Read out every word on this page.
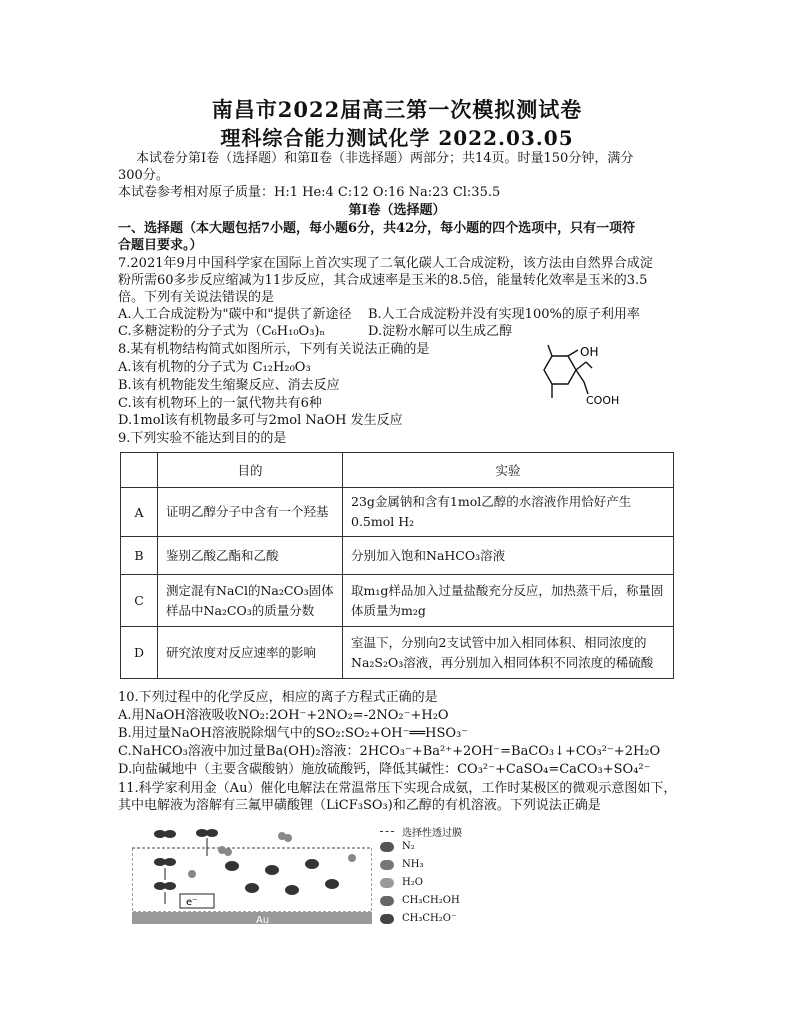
南昌市2022届高三第一次模拟测试卷
理科综合能力测试化学 2022.03.05
本试卷分第Ⅰ卷（选择题）和第Ⅱ卷（非选择题）两部分；共14页。时量150分钟，满分
300分。
本试卷参考相对原子质量：H:1 He:4 C:12 O:16 Na:23 Cl:35.5
第Ⅰ卷（选择题）
一、选择题（本大题包括7小题，每小题6分，共42分，每小题的四个选项中，只有一项符
合题目要求。）
7.2021年9月中国科学家在国际上首次实现了二氧化碳人工合成淀粉，该方法由自然界合成淀
粉所需60多步反应缩减为11步反应，其合成速率是玉米的8.5倍，能量转化效率是玉米的3.5
倍。下列有关说法错误的是
A.人工合成淀粉为"碳中和"提供了新途径 B.人工合成淀粉并没有实现100%的原子利用率
C.多糖淀粉的分子式为（C₆H₁₀O₃)ₙ	D.淀粉水解可以生成乙醇
8.某有机物结构简式如图所示，下列有关说法正确的是
A.该有机物的分子式为 C₁₂H₂₀O₃
B.该有机物能发生缩聚反应、消去反应
C.该有机物环上的一氯代物共有6种
D.1mol该有机物最多可与2mol NaOH 发生反应
OH
COOH
9.下列实验不能达到目的的是
	目的	实验
A	证明乙醇分子中含有一个羟基	23g金属钠和含有1mol乙醇的水溶液作用恰好产生0.5mol H₂
B	鉴别乙酸乙酯和乙酸	分别加入饱和NaHCO₃溶液
C	测定混有NaCl的Na₂CO₃固体样品中Na₂CO₃的质量分数	取m₁g样品加入过量盐酸充分反应，加热蒸干后，称量固体质量为m₂g
D	研究浓度对反应速率的影响	室温下，分别向2支试管中加入相同体积、相同浓度的Na₂S₂O₃溶液，再分别加入相同体积不同浓度的稀硫酸
10.下列过程中的化学反应，相应的离子方程式正确的是
A.用NaOH溶液吸收NO₂:2OH⁻+2NO₂=-2NO₂⁻+H₂O
B.用过量NaOH溶液脱除烟气中的SO₂:SO₂+OH⁻══HSO₃⁻
C.NaHCO₃溶液中加过量Ba(OH)₂溶液：2HCO₃⁻+Ba²⁺+2OH⁻=BaCO₃↓+CO₃²⁻+2H₂O
D.向盐碱地中（主要含碳酸钠）施放硫酸钙，降低其碱性：CO₃²⁻+CaSO₄=CaCO₃+SO₄²⁻
11.科学家利用金（Au）催化电解法在常温常压下实现合成氨，工作时某极区的微观示意图如下，
其中电解液为溶解有三氟甲磺酸锂（LiCF₃SO₃)和乙醇的有机溶液。下列说法正确是
e⁻
Au
选择性透过膜
N₂
NH₃
H₂O
CH₃CH₂OH
CH₃CH₂O⁻
